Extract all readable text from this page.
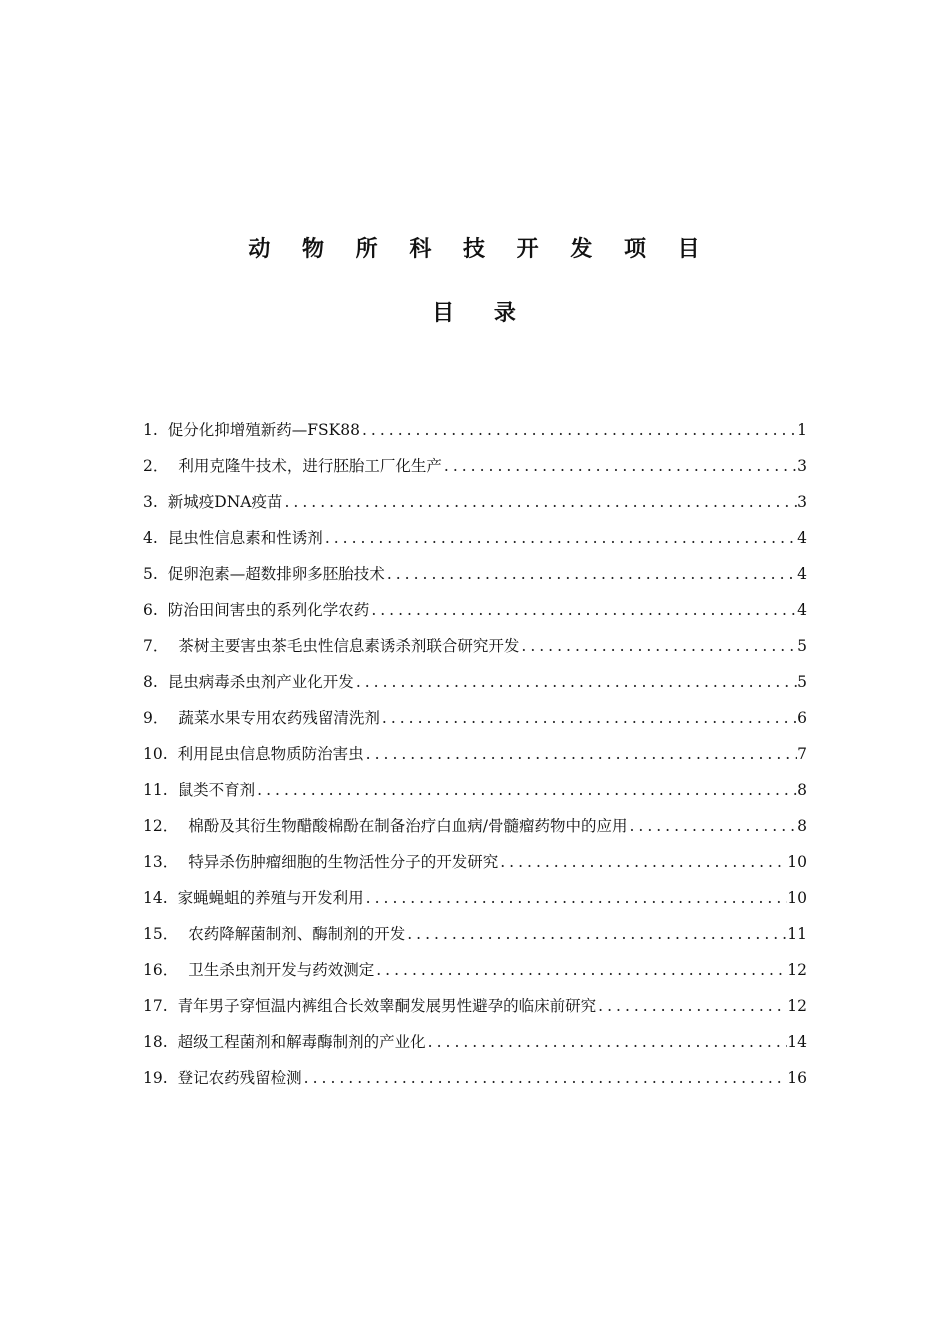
动 物 所 科 技 开 发 项 目
目 录
1. 促分化抑增殖新药—FSK88 .....	1
2． 利用克隆牛技术，进行胚胎工厂化生产 .....	3
3. 新城疫DNA疫苗 .....	3
4. 昆虫性信息素和性诱剂 .....	4
5. 促卵泡素—超数排卵多胚胎技术 .....	4
6. 防治田间害虫的系列化学农药 .....	4
7． 茶树主要害虫茶毛虫性信息素诱杀剂联合研究开发 .....	5
8. 昆虫病毒杀虫剂产业化开发 .....	5
9． 蔬菜水果专用农药残留清洗剂 .....	6
10. 利用昆虫信息物质防治害虫 .....	7
11. 鼠类不育剂 .....	8
12． 棉酚及其衍生物醋酸棉酚在制备治疗白血病/骨髓瘤药物中的应用 .....	8
13． 特异杀伤肿瘤细胞的生物活性分子的开发研究 .....	10
14. 家蝇蝇蛆的养殖与开发利用 .....	10
15． 农药降解菌制剂、酶制剂的开发 .....	11
16． 卫生杀虫剂开发与药效测定 .....	12
17. 青年男子穿恒温内裤组合长效睾酮发展男性避孕的临床前研究 .....	12
18. 超级工程菌剂和解毒酶制剂的产业化 .....	14
19. 登记农药残留检测 .....	16
